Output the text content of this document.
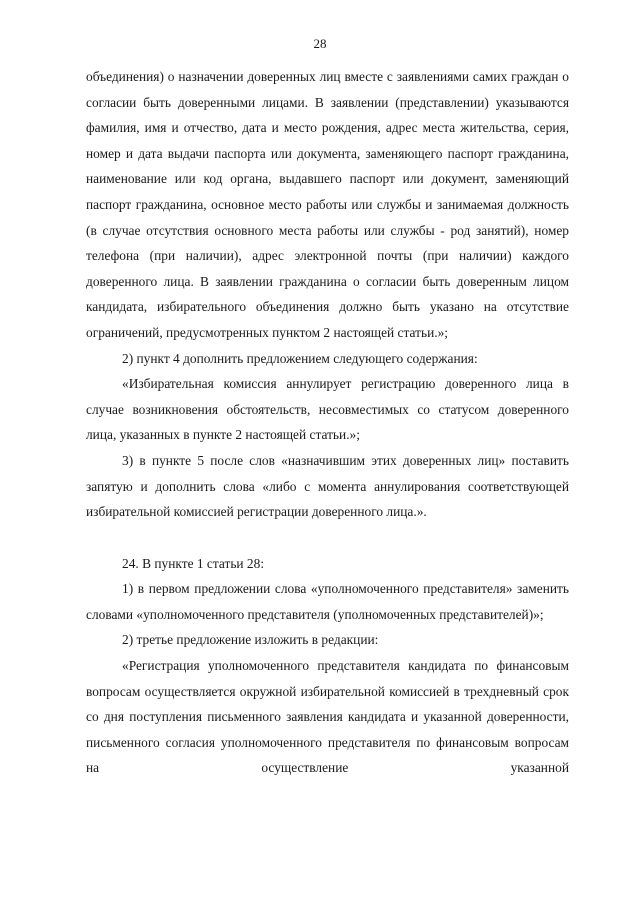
28

объединения) о назначении доверенных лиц вместе с заявлениями самих граждан о согласии быть доверенными лицами. В заявлении (представлении) указываются фамилия, имя и отчество, дата и место рождения, адрес места жительства, серия, номер и дата выдачи паспорта или документа, заменяющего паспорт гражданина, наименование или код органа, выдавшего паспорт или документ, заменяющий паспорт гражданина, основное место работы или службы и занимаемая должность (в случае отсутствия основного места работы или службы - род занятий), номер телефона (при наличии), адрес электронной почты (при наличии) каждого доверенного лица. В заявлении гражданина о согласии быть доверенным лицом кандидата, избирательного объединения должно быть указано на отсутствие ограничений, предусмотренных пунктом 2 настоящей статьи.»;

2) пункт 4 дополнить предложением следующего содержания:

«Избирательная комиссия аннулирует регистрацию доверенного лица в случае возникновения обстоятельств, несовместимых со статусом доверенного лица, указанных в пункте 2 настоящей статьи.»;

3) в пункте 5 после слов «назначившим этих доверенных лиц» поставить запятую и дополнить слова «либо с момента аннулирования соответствующей избирательной комиссией регистрации доверенного лица.».

24. В пункте 1 статьи 28:

1) в первом предложении слова «уполномоченного представителя» заменить словами «уполномоченного представителя (уполномоченных представителей)»;

2) третье предложение изложить в редакции:

«Регистрация уполномоченного представителя кандидата по финансовым вопросам осуществляется окружной избирательной комиссией в трехдневный срок со дня поступления письменного заявления кандидата и указанной доверенности, письменного согласия уполномоченного представителя по финансовым вопросам на осуществление указанной
